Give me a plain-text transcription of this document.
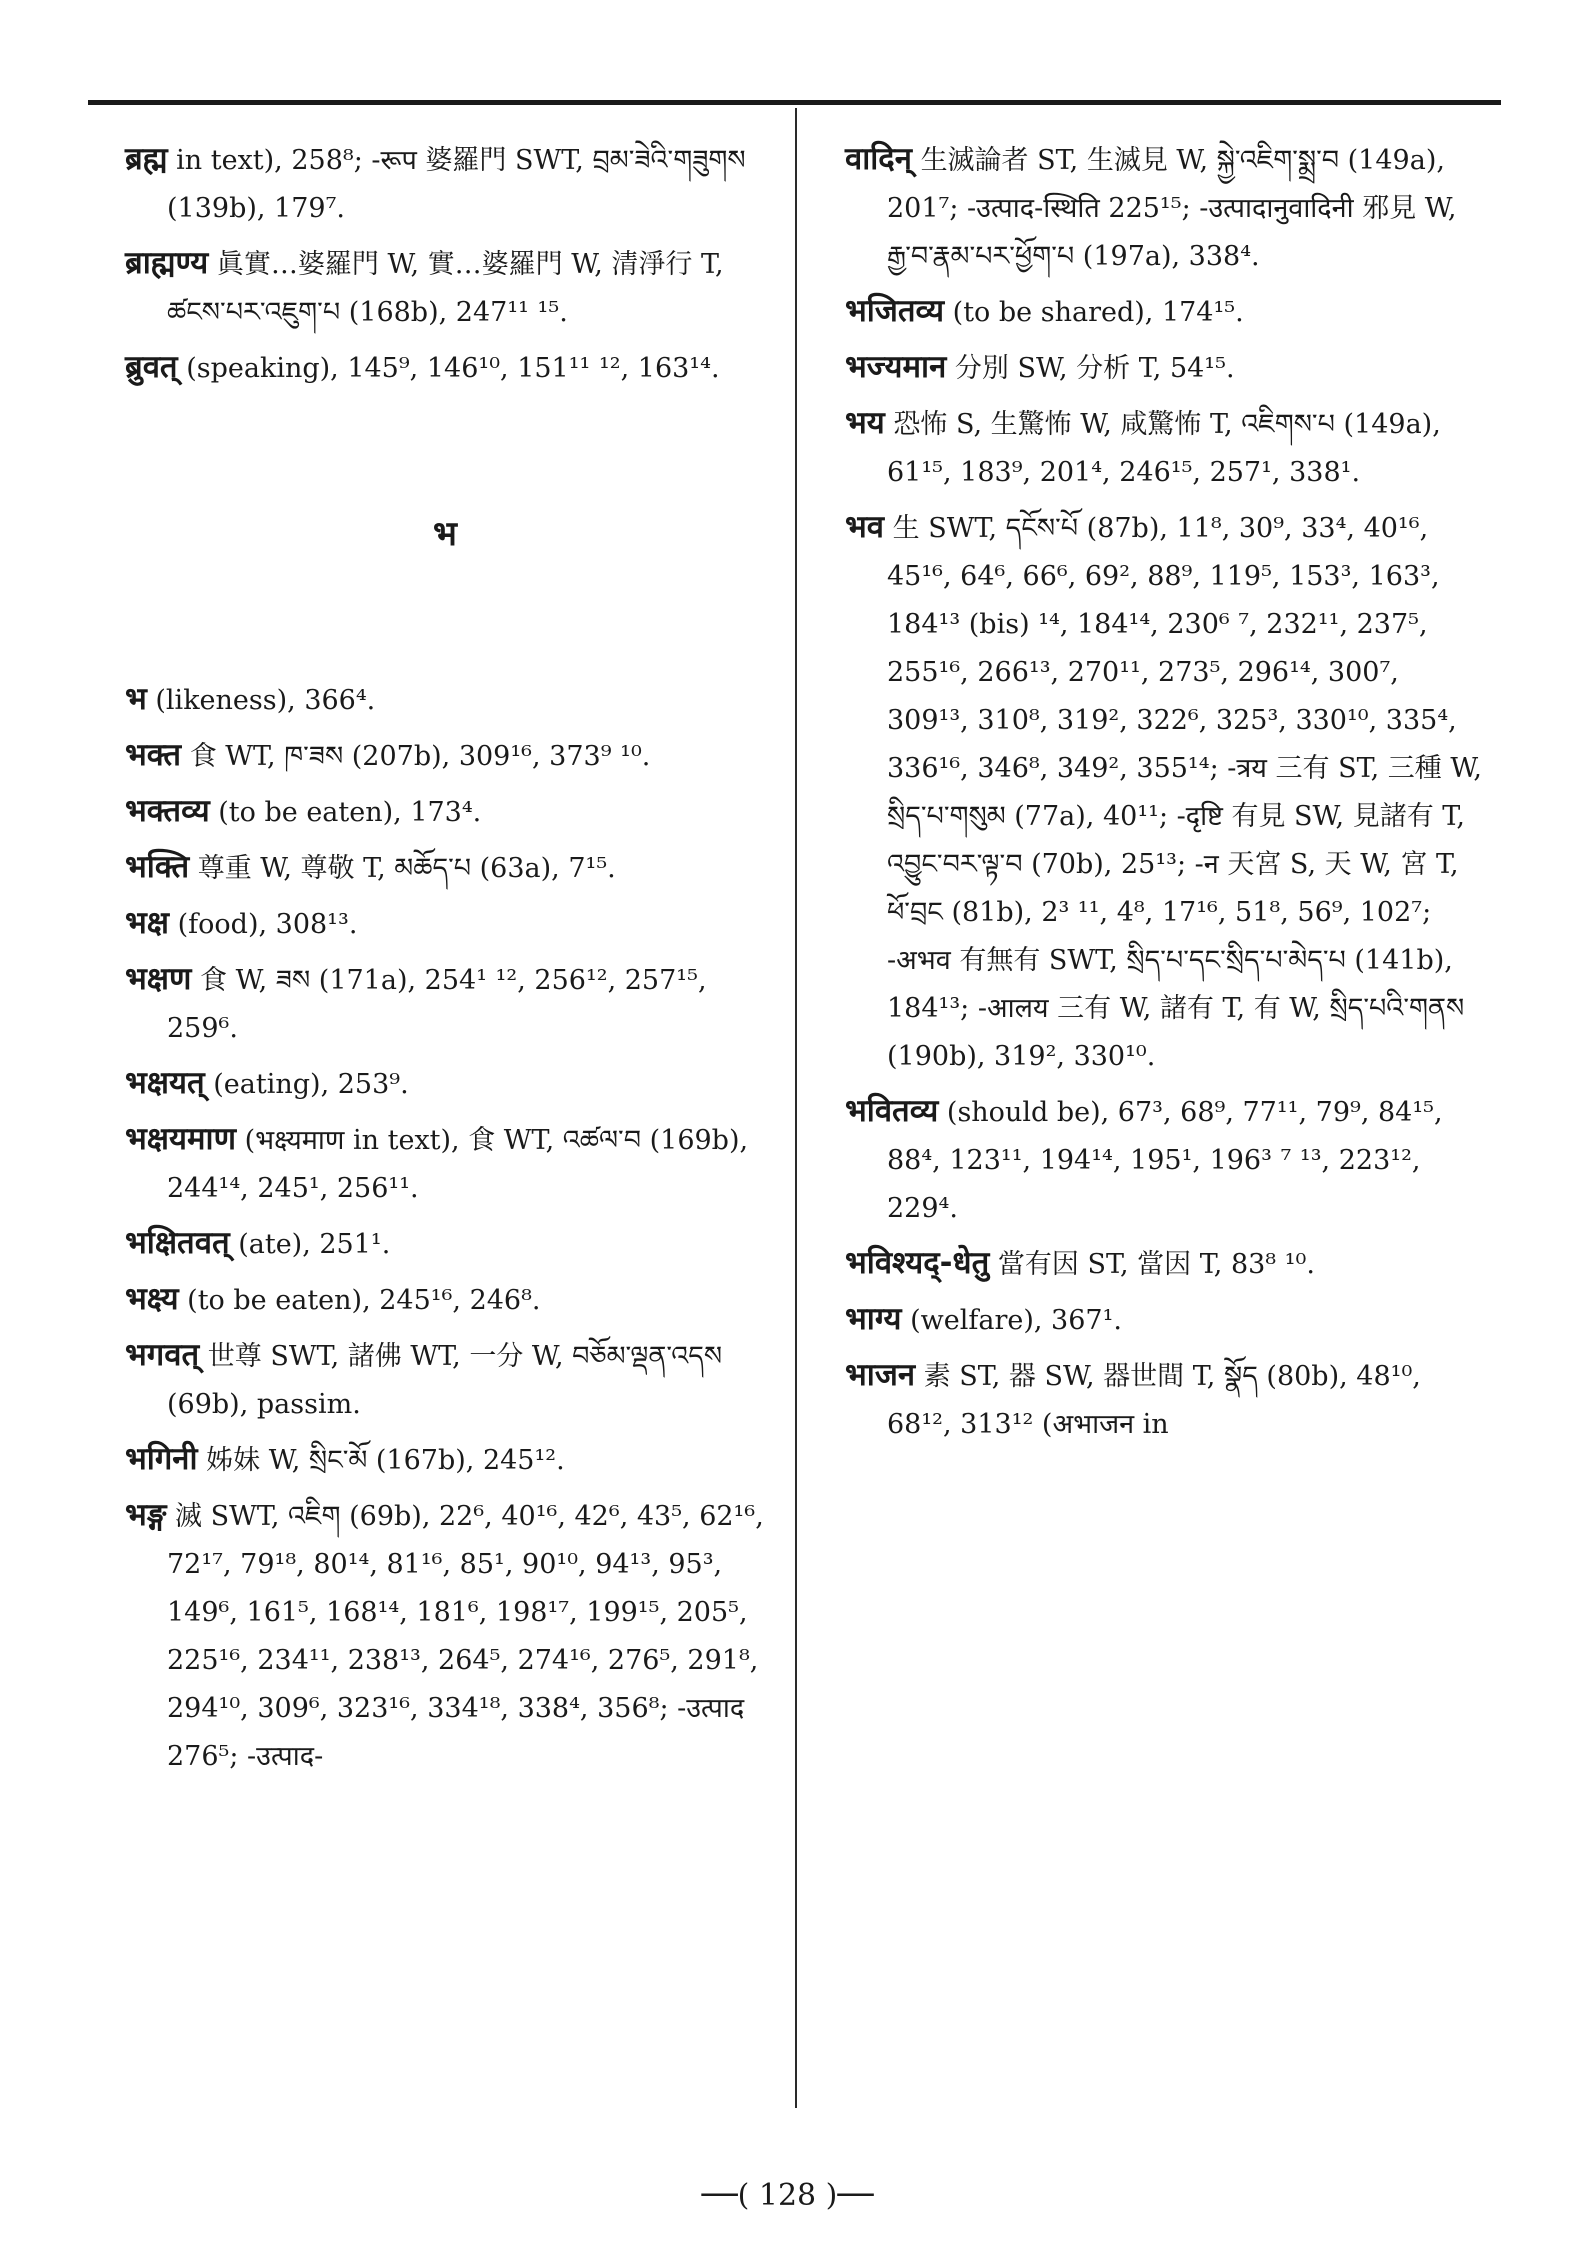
ब्रह्म in text), 258⁸; -रूप 婆羅門 SWT, བྲམ་ཟེའི་གཟུགས (139b), 179⁷.
ब्राह्मण्य 眞實…婆羅門 W, 實…婆羅門 W, 清淨行 T, ཚངས་པར་འཇུག་པ (168b), 247¹¹ ¹⁵.
ब्रुवत् (speaking), 145⁹, 146¹⁰, 151¹¹ ¹², 163¹⁴.
भ
भ (likeness), 366⁴.
भक्त 食 WT, ཁ་ཟས (207b), 309¹⁶, 373⁹ ¹⁰.
भक्तव्य (to be eaten), 173⁴.
भक्ति 尊重 W, 尊敬 T, མཆོད་པ (63a), 7¹⁵.
भक्ष (food), 308¹³.
भक्षण 食 W, ཟས (171a), 254¹ ¹², 256¹², 257¹⁵, 259⁶.
भक्षयत् (eating), 253⁹.
भक्षयमाण (भक्ष्यमाण in text), 食 WT, འཚལ་བ (169b), 244¹⁴, 245¹, 256¹¹.
भक्षितवत् (ate), 251¹.
भक्ष्य (to be eaten), 245¹⁶, 246⁸.
भगवत् 世尊 SWT, 諸佛 WT, 一分 W, བཅོམ་ལྡན་འདས (69b), passim.
भगिनी 姊妹 W, སྲིང་མོ (167b), 245¹².
भङ्ग 滅 SWT, འཇིག (69b), 22⁶, 40¹⁶, 42⁶, 43⁵, 62¹⁶, 72¹⁷, 79¹⁸, 80¹⁴, 81¹⁶, 85¹, 90¹⁰, 94¹³, 95³, 149⁶, 161⁵, 168¹⁴, 181⁶, 198¹⁷, 199¹⁵, 205⁵, 225¹⁶, 234¹¹, 238¹³, 264⁵, 274¹⁶, 276⁵, 291⁸, 294¹⁰, 309⁶, 323¹⁶, 334¹⁸, 338⁴, 356⁸; -उत्पाद 276⁵; -उत्पाद-
वादिन् 生滅論者 ST, 生滅見 W, སྐྱེ་འཇིག་སྨྲ་བ (149a), 201⁷; -उत्पाद-स्थिति 225¹⁵; -उत्पादानुवादिनी 邪見 W, རྒྱ་བ་རྣམ་པར་ཕྱོག་པ (197a), 338⁴.
भजितव्य (to be shared), 174¹⁵.
भज्यमान 分別 SW, 分析 T, 54¹⁵.
भय 恐怖 S, 生驚怖 W, 咸驚怖 T, འཇིགས་པ (149a), 61¹⁵, 183⁹, 201⁴, 246¹⁵, 257¹, 338¹.
भव 生 SWT, དངོས་པོ (87b), 11⁸, 30⁹, 33⁴, 40¹⁶, 45¹⁶, 64⁶, 66⁶, 69², 88⁹, 119⁵, 153³, 163³, 184¹³ (bis) ¹⁴, 184¹⁴, 230⁶ ⁷, 232¹¹, 237⁵, 255¹⁶, 266¹³, 270¹¹, 273⁵, 296¹⁴, 300⁷, 309¹³, 310⁸, 319², 322⁶, 325³, 330¹⁰, 335⁴, 336¹⁶, 346⁸, 349², 355¹⁴; -त्रय 三有 ST, 三種 W, སྲིད་པ་གསུམ (77a), 40¹¹; -दृष्टि 有見 SW, 見諸有 T, འབྱུང་བར་ལྟ་བ (70b), 25¹³; -न 天宮 S, 天 W, 宮 T, ཕོ་བྲང (81b), 2³ ¹¹, 4⁸, 17¹⁶, 51⁸, 56⁹, 102⁷; -अभव 有無有 SWT, སྲིད་པ་དང་སྲིད་པ་མེད་པ (141b), 184¹³; -आलय 三有 W, 諸有 T, 有 W, སྲིད་པའི་གནས (190b), 319², 330¹⁰.
भवितव्य (should be), 67³, 68⁹, 77¹¹, 79⁹, 84¹⁵, 88⁴, 123¹¹, 194¹⁴, 195¹, 196³ ⁷ ¹³, 223¹², 229⁴.
भविश्यद्-धेतु 當有因 ST, 當因 T, 83⁸ ¹⁰.
भाग्य (welfare), 367¹.
भाजन 素 ST, 器 SW, 器世間 T, སྣོད (80b), 48¹⁰, 68¹², 313¹² (अभाजन in
──( 128 )──
